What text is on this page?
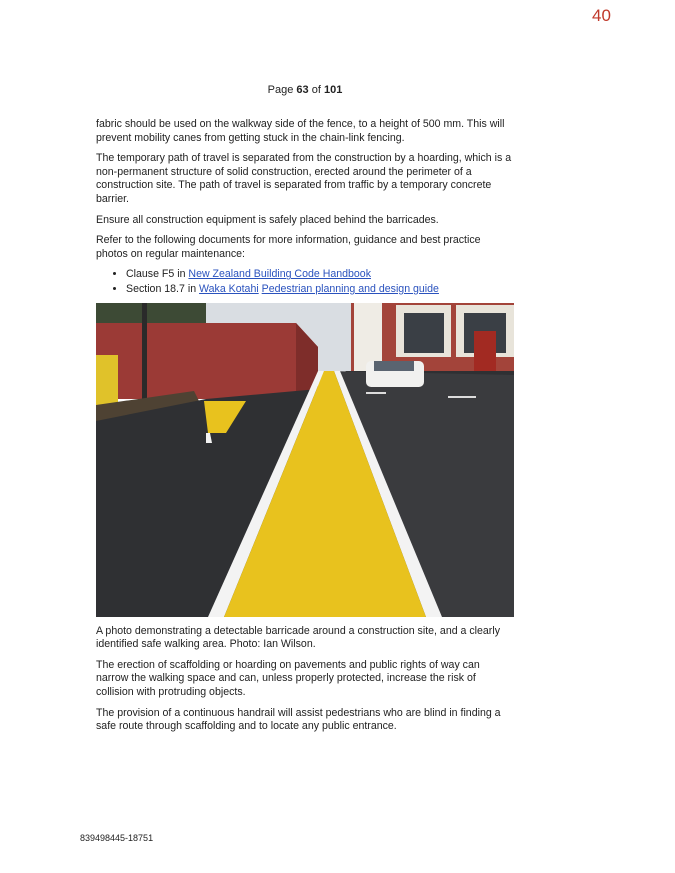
40
Page 63 of 101

fabric should be used on the walkway side of the fence, to a height of 500 mm. This will prevent mobility canes from getting stuck in the chain-link fencing.

The temporary path of travel is separated from the construction by a hoarding, which is a non-permanent structure of solid construction, erected around the perimeter of a construction site. The path of travel is separated from traffic by a temporary concrete barrier.

Ensure all construction equipment is safely placed behind the barricades.

Refer to the following documents for more information, guidance and best practice photos on regular maintenance:

• Clause F5 in New Zealand Building Code Handbook
• Section 18.7 in Waka Kotahi Pedestrian planning and design guide

A photo demonstrating a detectable barricade around a construction site, and a clearly identified safe walking area. Photo: Ian Wilson.

The erection of scaffolding or hoarding on pavements and public rights of way can narrow the walking space and can, unless properly protected, increase the risk of collision with protruding objects.

The provision of a continuous handrail will assist pedestrians who are blind in finding a safe route through scaffolding and to locate any public entrance.

839498445-18751
